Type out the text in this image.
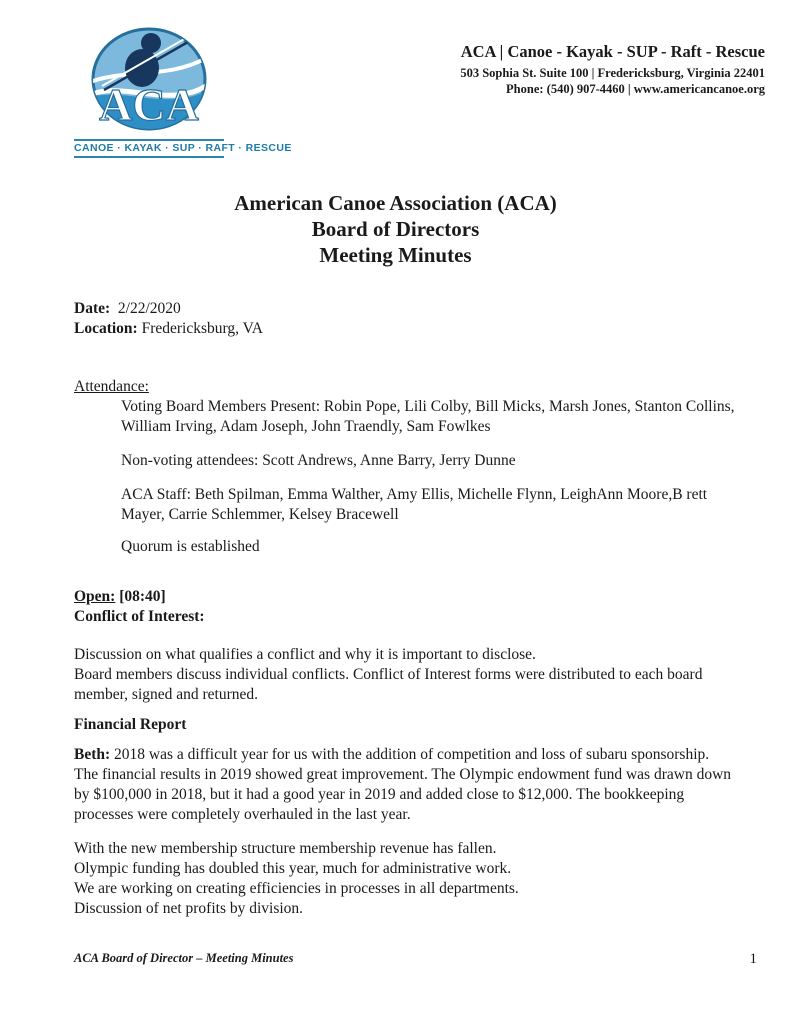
ACA
CANOE · KAYAK · SUP · RAFT · RESCUE
ACA | Canoe - Kayak - SUP - Raft - Rescue
503 Sophia St. Suite 100 | Fredericksburg, Virginia 22401
Phone: (540) 907-4460 | www.americancanoe.org
American Canoe Association (ACA)
Board of Directors
Meeting Minutes
Date: 2/22/2020
Location: Fredericksburg, VA
Attendance:
Voting Board Members Present: Robin Pope, Lili Colby, Bill Micks, Marsh Jones, Stanton Collins, William Irving, Adam Joseph, John Traendly, Sam Fowlkes
Non-voting attendees: Scott Andrews, Anne Barry, Jerry Dunne
ACA Staff: Beth Spilman, Emma Walther, Amy Ellis, Michelle Flynn, LeighAnn Moore,B rett Mayer, Carrie Schlemmer, Kelsey Bracewell
Quorum is established
Open: [08:40]
Conflict of Interest:
Discussion on what qualifies a conflict and why it is important to disclose.
Board members discuss individual conflicts. Conflict of Interest forms were distributed to each board member, signed and returned.
Financial Report
Beth: 2018 was a difficult year for us with the addition of competition and loss of subaru sponsorship. The financial results in 2019 showed great improvement. The Olympic endowment fund was drawn down by $100,000 in 2018, but it had a good year in 2019 and added close to $12,000. The bookkeeping processes were completely overhauled in the last year.
With the new membership structure membership revenue has fallen.
Olympic funding has doubled this year, much for administrative work.
We are working on creating efficiencies in processes in all departments.
Discussion of net profits by division.
ACA Board of Director – Meeting Minutes	1
